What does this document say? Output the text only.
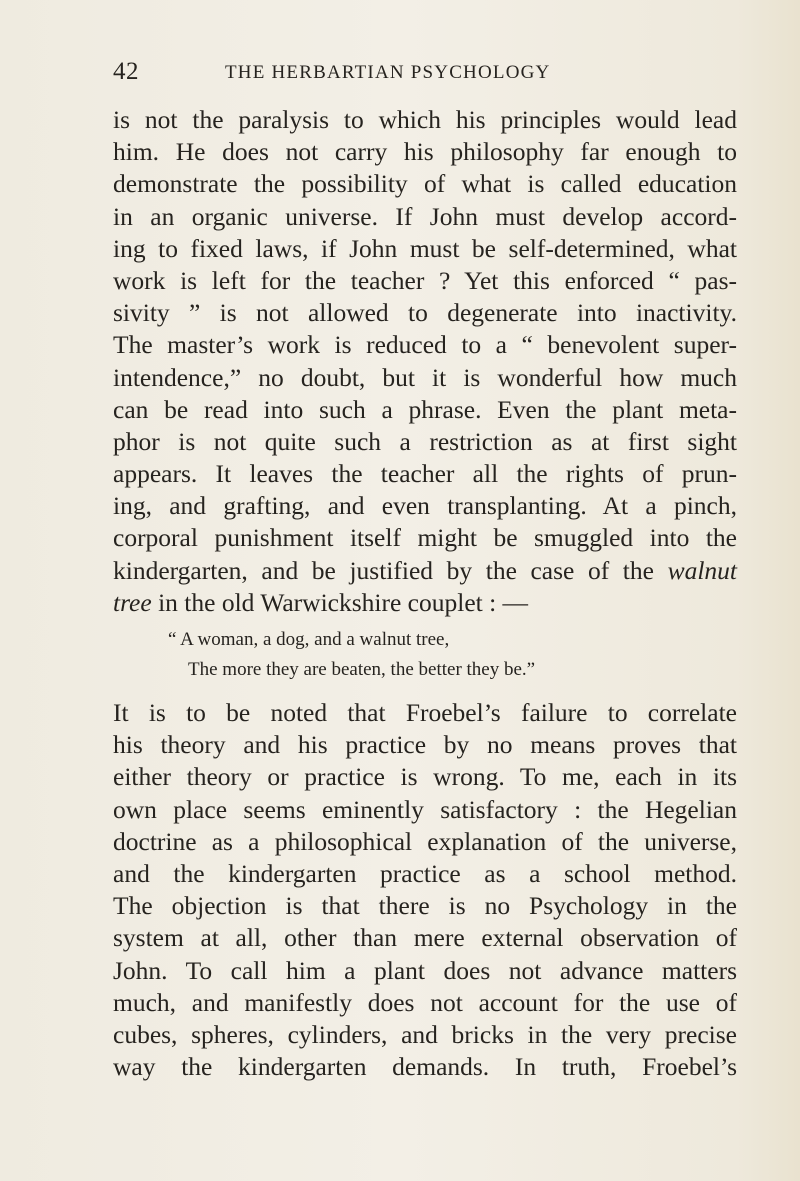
42	THE HERBARTIAN PSYCHOLOGY
is not the paralysis to which his principles would lead
him. He does not carry his philosophy far enough to
demonstrate the possibility of what is called education
in an organic universe. If John must develop accord-
ing to fixed laws, if John must be self-determined, what
work is left for the teacher ? Yet this enforced “ pas-
sivity ” is not allowed to degenerate into inactivity.
The master’s work is reduced to a “ benevolent super-
intendence,” no doubt, but it is wonderful how much
can be read into such a phrase. Even the plant meta-
phor is not quite such a restriction as at first sight
appears. It leaves the teacher all the rights of prun-
ing, and grafting, and even transplanting. At a pinch,
corporal punishment itself might be smuggled into the
kindergarten, and be justified by the case of the walnut
tree in the old Warwickshire couplet : —
“ A woman, a dog, and a walnut tree,
The more they are beaten, the better they be.”
It is to be noted that Froebel’s failure to correlate
his theory and his practice by no means proves that
either theory or practice is wrong. To me, each in its
own place seems eminently satisfactory : the Hegelian
doctrine as a philosophical explanation of the universe,
and the kindergarten practice as a school method.
The objection is that there is no Psychology in the
system at all, other than mere external observation of
John. To call him a plant does not advance matters
much, and manifestly does not account for the use of
cubes, spheres, cylinders, and bricks in the very precise
way the kindergarten demands. In truth, Froebel’s
